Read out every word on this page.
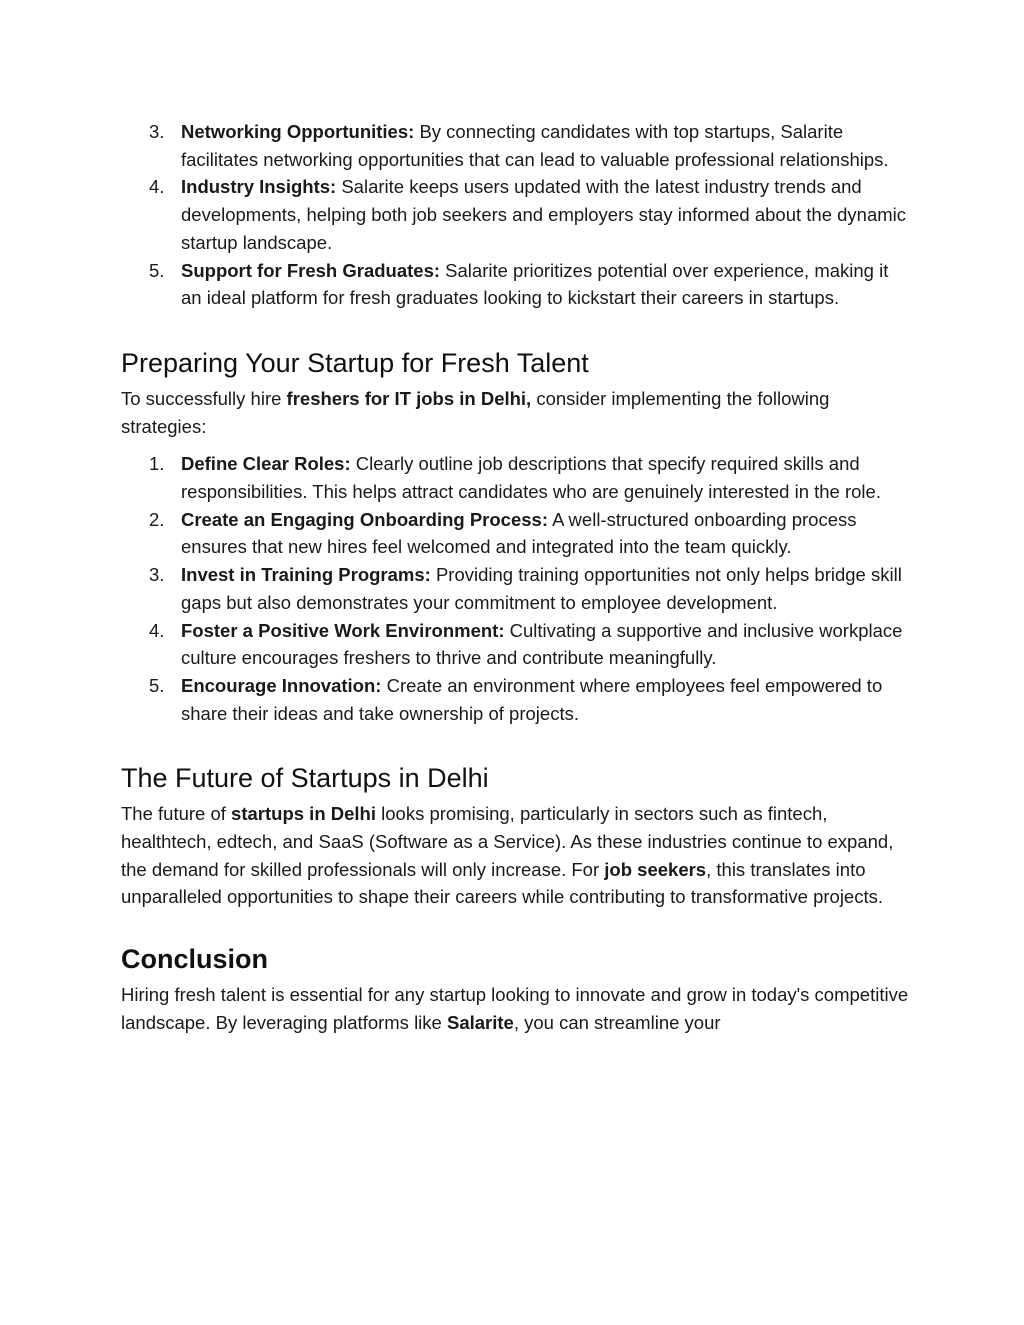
3. Networking Opportunities: By connecting candidates with top startups, Salarite facilitates networking opportunities that can lead to valuable professional relationships.
4. Industry Insights: Salarite keeps users updated with the latest industry trends and developments, helping both job seekers and employers stay informed about the dynamic startup landscape.
5. Support for Fresh Graduates: Salarite prioritizes potential over experience, making it an ideal platform for fresh graduates looking to kickstart their careers in startups.
Preparing Your Startup for Fresh Talent

To successfully hire freshers for IT jobs in Delhi, consider implementing the following strategies:

1. Define Clear Roles: Clearly outline job descriptions that specify required skills and responsibilities. This helps attract candidates who are genuinely interested in the role.
2. Create an Engaging Onboarding Process: A well-structured onboarding process ensures that new hires feel welcomed and integrated into the team quickly.
3. Invest in Training Programs: Providing training opportunities not only helps bridge skill gaps but also demonstrates your commitment to employee development.
4. Foster a Positive Work Environment: Cultivating a supportive and inclusive workplace culture encourages freshers to thrive and contribute meaningfully.
5. Encourage Innovation: Create an environment where employees feel empowered to share their ideas and take ownership of projects.
The Future of Startups in Delhi

The future of startups in Delhi looks promising, particularly in sectors such as fintech, healthtech, edtech, and SaaS (Software as a Service). As these industries continue to expand, the demand for skilled professionals will only increase. For job seekers, this translates into unparalleled opportunities to shape their careers while contributing to transformative projects.

Conclusion

Hiring fresh talent is essential for any startup looking to innovate and grow in today's competitive landscape. By leveraging platforms like Salarite, you can streamline your
